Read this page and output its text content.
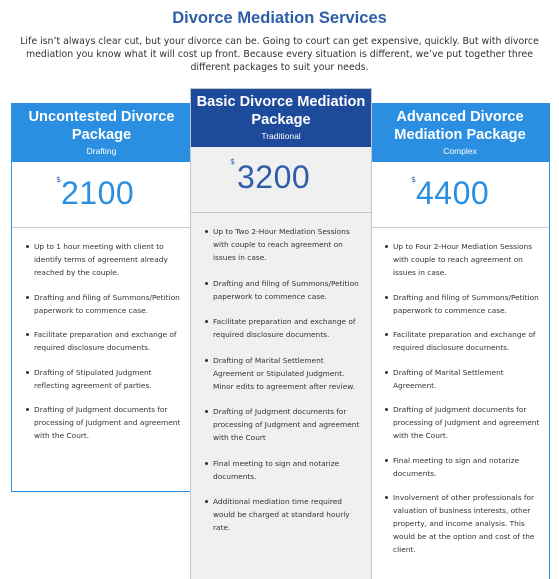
Divorce Mediation Services
Life isn’t always clear cut, but your divorce can be. Going to court can get expensive, quickly. But with divorce mediation you know what it will cost up front. Because every situation is different, we’ve put together three different packages to suit your needs.
Uncontested Divorce Package
Drafting
$ 2100
Up to 1 hour meeting with client to identify terms of agreement already reached by the couple.
Drafting and filing of Summons/Petition paperwork to commence case.
Facilitate preparation and exchange of required disclosure documents.
Drafting of Stipulated Judgment reflecting agreement of parties.
Drafting of Judgment documents for processing of Judgment and agreement with the Court.
Basic Divorce Mediation Package
Traditional
$ 3200
Up to Two 2-Hour Mediation Sessions with couple to reach agreement on issues in case.
Drafting and filing of Summons/Petition paperwork to commence case.
Facilitate preparation and exchange of required disclosure documents.
Drafting of Marital Settlement Agreement or Stipulated Judgment. Minor edits to agreement after review.
Drafting of Judgment documents for processing of Judgment and agreement with the Court
Final meeting to sign and notarize documents.
Additional mediation time required would be charged at standard hourly rate.
Advanced Divorce Mediation Package
Complex
$ 4400
Up to Four 2-Hour Mediation Sessions with couple to reach agreement on issues in case.
Drafting and filing of Summons/Petition paperwork to commence case.
Facilitate preparation and exchange of required disclosure documents.
Drafting of Marital Settlement Agreement.
Drafting of Judgment documents for processing of Judgment and agreement with the Court.
Final meeting to sign and notarize documents.
Involvement of other professionals for valuation of business interests, other property, and income analysis. This would be at the option and cost of the client.
